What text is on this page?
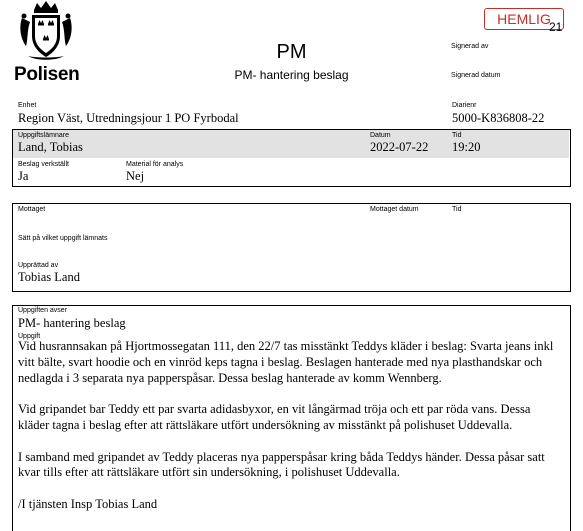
Polisen
PM
PM- hantering beslag
HEMLIG
21
Signerad av
Signerad datum
Enhet
Region Väst, Utredningsjour 1 PO Fyrbodal
Diarienr
5000-K836808-22
Uppgiftslämnare
Land, Tobias
Datum
2022-07-22
Tid
19:20
Beslag verkställt
Ja
Material för analys
Nej
Mottaget	Mottaget datum	Tid
Sätt på vilket uppgift lämnats
Upprättad av
Tobias Land
Uppgiften avser
PM- hantering beslag
Uppgift

Vid husrannsakan på Hjortmossegatan 111, den 22/7 tas misstänkt Teddys kläder i beslag: Svarta jeans inkl vitt bälte, svart hoodie och en vinröd keps tagna i beslag. Beslagen hanterade med nya plasthandskar och nedlagda i 3 separata nya papperspåsar. Dessa beslag hanterade av komm Wennberg.

Vid gripandet bar Teddy ett par svarta adidasbyxor, en vit långärmad tröja och ett par röda vans. Dessa kläder tagna i beslag efter att rättsläkare utfört undersökning av misstänkt på polishuset Uddevalla.

I samband med gripandet av Teddy placeras nya papperspåsar kring båda Teddys händer. Dessa påsar satt kvar tills efter att rättsläkare utfört sin undersökning, i polishuset Uddevalla.

/I tjänsten Insp Tobias Land
